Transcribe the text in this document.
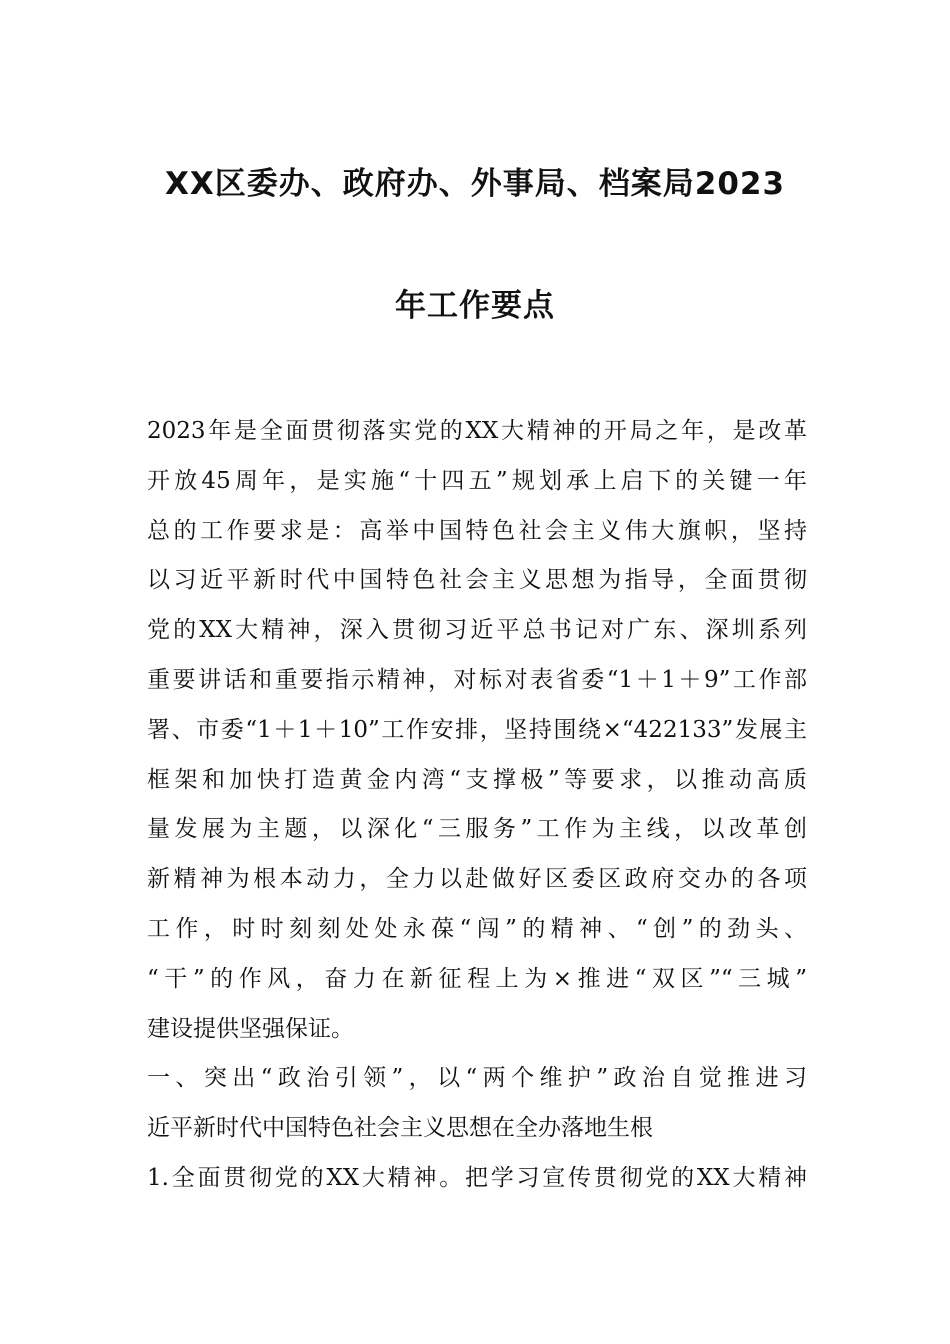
XX区委办、政府办、外事局、档案局2023
年工作要点
2023年是全面贯彻落实党的XX大精神的开局之年，是改革
开放45周年，是实施“十四五”规划承上启下的关键一年
总的工作要求是：高举中国特色社会主义伟大旗帜，坚持
以习近平新时代中国特色社会主义思想为指导，全面贯彻
党的XX大精神，深入贯彻习近平总书记对广东、深圳系列
重要讲话和重要指示精神，对标对表省委“1＋1＋9”工作部
署、市委“1＋1＋10”工作安排，坚持围绕×“422133”发展主
框架和加快打造黄金内湾“支撑极”等要求，以推动高质
量发展为主题，以深化“三服务”工作为主线，以改革创
新精神为根本动力，全力以赴做好区委区政府交办的各项
工作，时时刻刻处处永葆“闯”的精神、“创”的劲头、
“干”的作风，奋力在新征程上为×推进“双区”“三城”
建设提供坚强保证。
一、突出“政治引领”，以“两个维护”政治自觉推进习
近平新时代中国特色社会主义思想在全办落地生根
1.全面贯彻党的XX大精神。把学习宣传贯彻党的XX大精神
